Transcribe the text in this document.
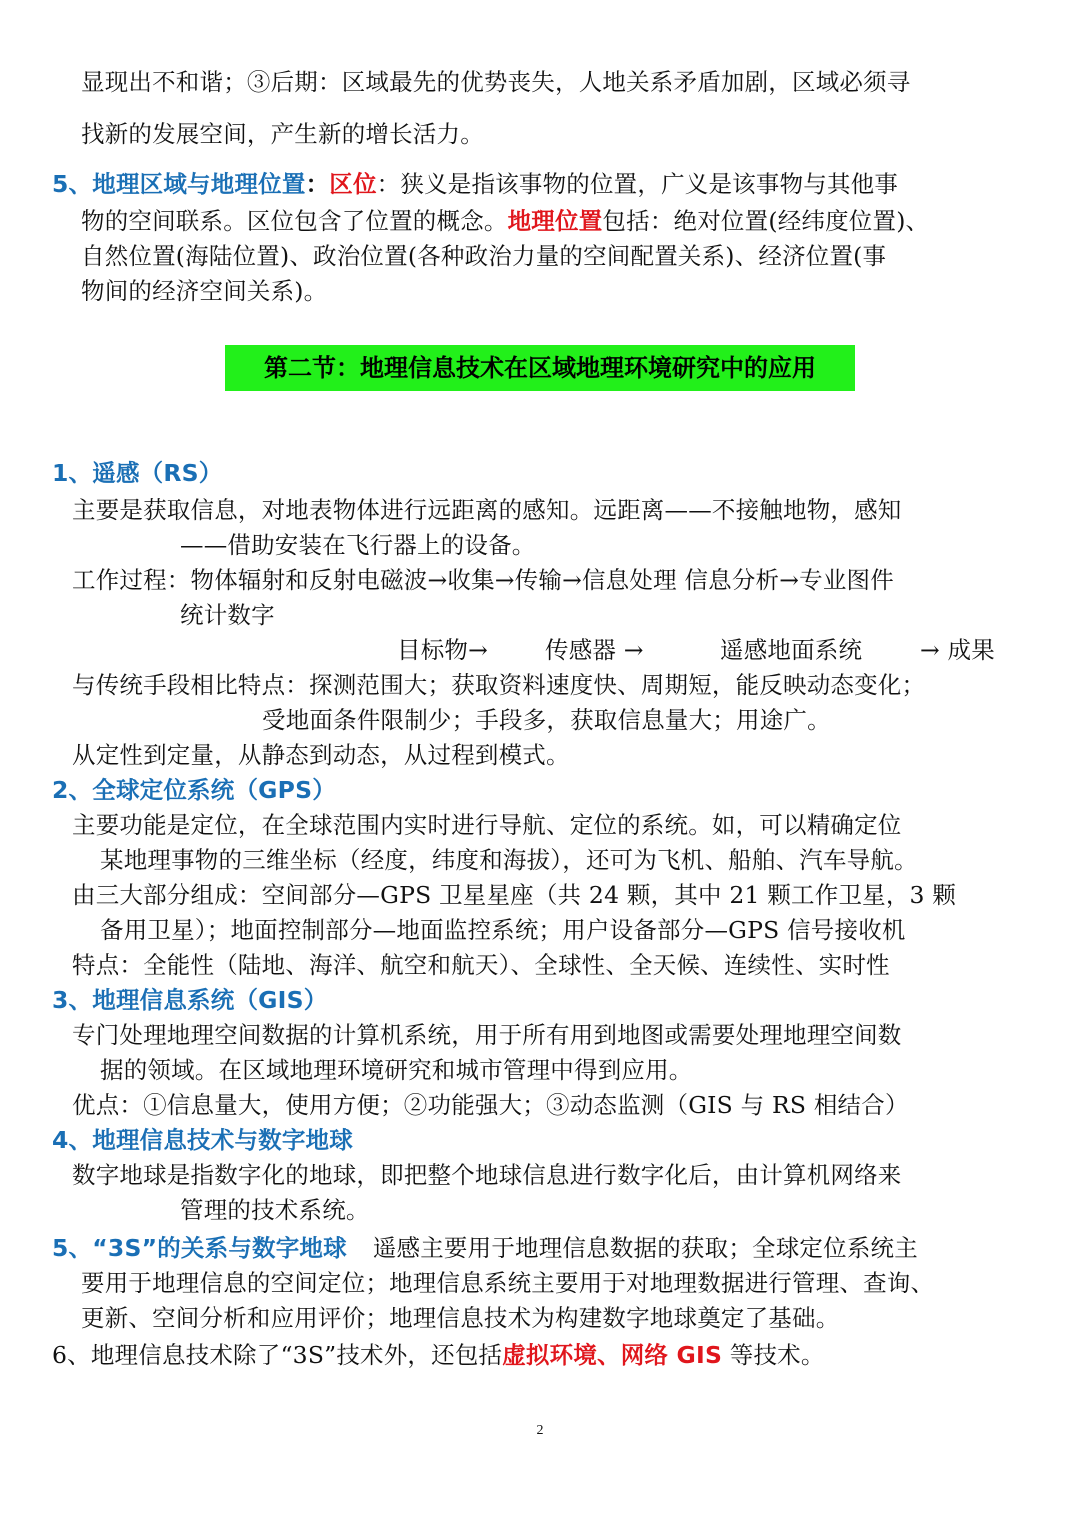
显现出不和谐；③后期：区域最先的优势丧失，人地关系矛盾加剧，区域必须寻
找新的发展空间，产生新的增长活力。
5、地理区域与地理位置：区位：狭义是指该事物的位置，广义是该事物与其他事
物的空间联系。区位包含了位置的概念。地理位置包括：绝对位置(经纬度位置)、
自然位置(海陆位置)、政治位置(各种政治力量的空间配置关系)、经济位置(事
物间的经济空间关系)。
第二节：地理信息技术在区域地理环境研究中的应用
1、遥感（RS）
主要是获取信息，对地表物体进行远距离的感知。远距离——不接触地物，感知
——借助安装在飞行器上的设备。
工作过程：物体辐射和反射电磁波→收集→传输→信息处理 信息分析→专业图件
统计数字
目标物→ 传感器 →	遥感地面系统 → 成果
与传统手段相比特点：探测范围大；获取资料速度快、周期短，能反映动态变化；
受地面条件限制少；手段多，获取信息量大；用途广。
从定性到定量，从静态到动态，从过程到模式。
2、全球定位系统（GPS）
主要功能是定位，在全球范围内实时进行导航、定位的系统。如，可以精确定位
某地理事物的三维坐标（经度，纬度和海拔），还可为飞机、船舶、汽车导航。
由三大部分组成：空间部分—GPS 卫星星座（共 24 颗，其中 21 颗工作卫星，3 颗
备用卫星）；地面控制部分—地面监控系统；用户设备部分—GPS 信号接收机
特点：全能性（陆地、海洋、航空和航天）、全球性、全天候、连续性、实时性
3、地理信息系统（GIS）
专门处理地理空间数据的计算机系统，用于所有用到地图或需要处理地理空间数
据的领域。在区域地理环境研究和城市管理中得到应用。
优点：①信息量大，使用方便；②功能强大；③动态监测（GIS 与 RS 相结合）
4、地理信息技术与数字地球
数字地球是指数字化的地球，即把整个地球信息进行数字化后，由计算机网络来
管理的技术系统。
5、“3S”的关系与数字地球 遥感主要用于地理信息数据的获取；全球定位系统主
要用于地理信息的空间定位；地理信息系统主要用于对地理数据进行管理、查询、
更新、空间分析和应用评价；地理信息技术为构建数字地球奠定了基础。
6、地理信息技术除了“3S”技术外，还包括虚拟环境、网络 GIS 等技术。
2
